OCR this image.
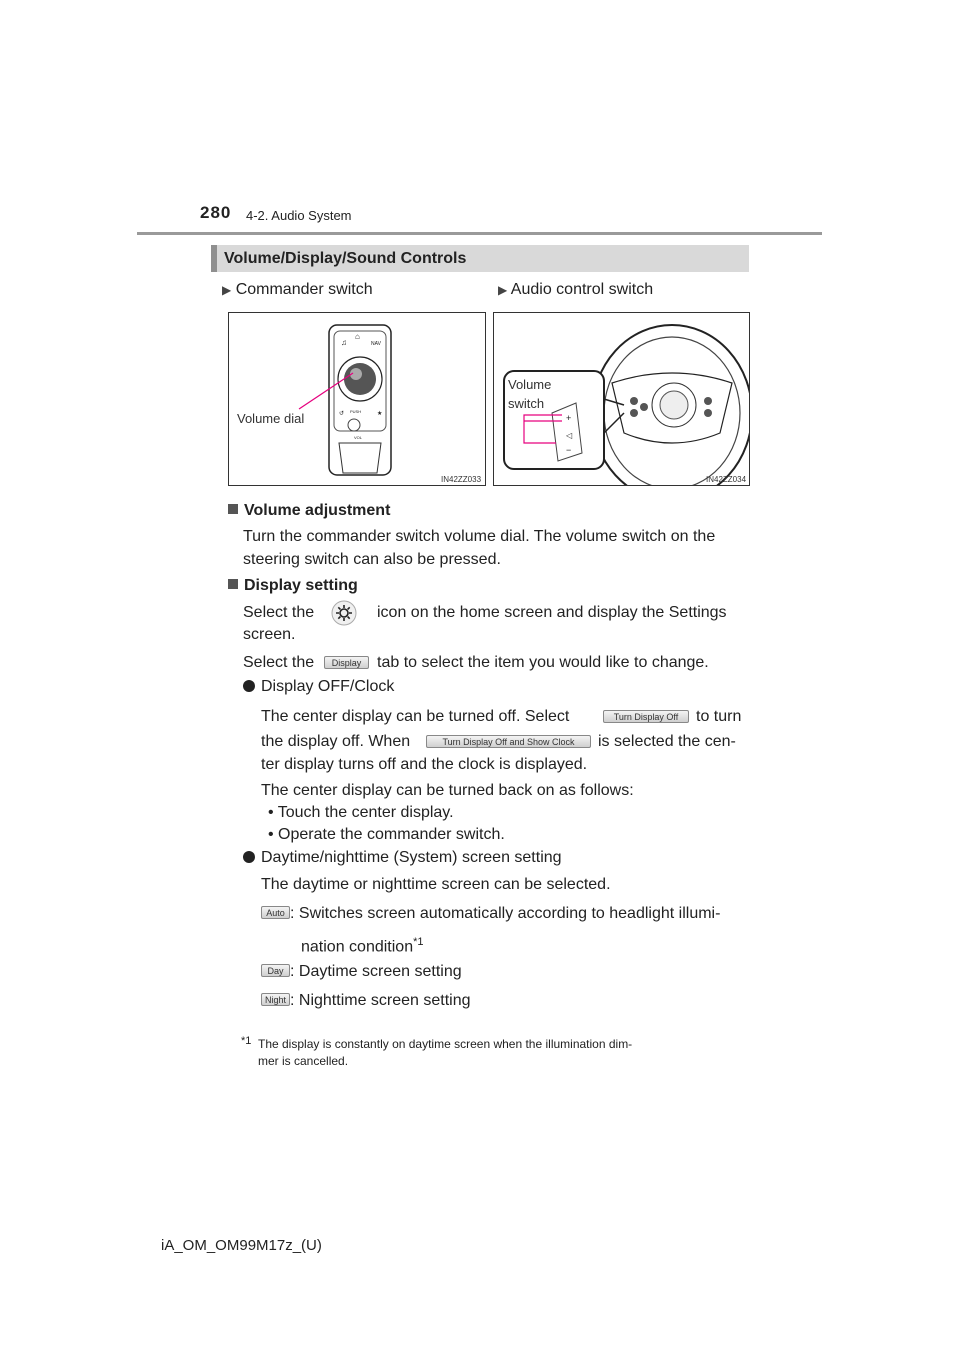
280 4-2. Audio System
Volume/Display/Sound Controls
▶ Commander switch	▶ Audio control switch
♫
⌂
NAV
↺	★
PUSH
VOL
Volume dial
IN42ZZ033
+
◁
−
Volume
switch
IN42ZZ034
Volume adjustment
Turn the commander switch volume dial. The volume switch on the
steering switch can also be pressed.
Display setting
Select the	icon on the home screen and display the Settings
screen.
Select the	Display tab to select the item you would like to change.
Display OFF/Clock
The center display can be turned off. Select	Turn Display Off	to turn
the display off. When	Turn Display Off and Show Clock	is selected the cen-
ter display turns off and the clock is displayed.
The center display can be turned back on as follows:
• Touch the center display.
• Operate the commander switch.
Daytime/nighttime (System) screen setting
The daytime or nighttime screen can be selected.
Auto : Switches screen automatically according to headlight illumi-
nation condition$^{*1}$
Day : Daytime screen setting
Night : Nighttime screen setting
*1 The display is constantly on daytime screen when the illumination dim-
mer is cancelled.
iA_OM_OM99M17z_(U)
